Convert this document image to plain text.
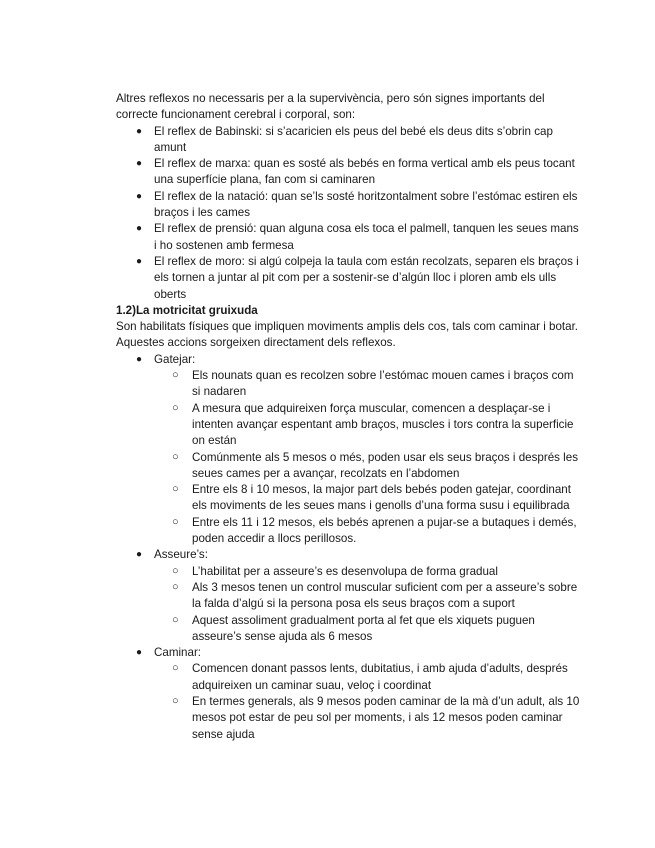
Altres reflexos no necessaris per a la supervivència, pero són signes importants del correcte funcionament cerebral i corporal, son:

● El reflex de Babinski: si s’acaricien els peus del bebé els deus dits s’obrin cap amunt
● El reflex de marxa: quan es sosté als bebés en forma vertical amb els peus tocant una superfície plana, fan com si caminaren
● El reflex de la natació: quan se’ls sosté horitzontalment sobre l’estómac estiren els braços i les cames
● El reflex de prensió: quan alguna cosa els toca el palmell, tanquen les seues mans i ho sostenen amb fermesa
● El reflex de moro: si algú colpeja la taula com están recolzats, separen els braços i els tornen a juntar al pit com per a sostenir-se d’algún lloc i ploren amb els ulls oberts

1.2)La motricitat gruixuda

Son habilitats físiques que impliquen moviments amplis dels cos, tals com caminar i botar. Aquestes accions sorgeixen directament dels reflexos.

● Gatejar:
○ Els nounats quan es recolzen sobre l’estómac mouen cames i braços com si nadaren
○ A mesura que adquireixen força muscular, comencen a desplaçar-se i intenten avançar espentant amb braços, muscles i tors contra la superficie on están
○ Comúnmente als 5 mesos o més, poden usar els seus braços i després les seues cames per a avançar, recolzats en l’abdomen
○ Entre els 8 i 10 mesos, la major part dels bebés poden gatejar, coordinant els moviments de les seues mans i genolls d’una forma susu i equilibrada
○ Entre els 11 i 12 mesos, els bebés aprenen a pujar-se a butaques i demés, poden accedir a llocs perillosos.
● Asseure’s:
○ L’habilitat per a asseure’s es desenvolupa de forma gradual
○ Als 3 mesos tenen un control muscular suficient com per a asseure’s sobre la falda d’algú si la persona posa els seus braços com a suport
○ Aquest assoliment gradualment porta al fet que els xiquets puguen asseure’s sense ajuda als 6 mesos
● Caminar:
○ Comencen donant passos lents, dubitatius, i amb ajuda d’adults, després adquireixen un caminar suau, veloç i coordinat
○ En termes generals, als 9 mesos poden caminar de la mà d’un adult, als 10 mesos pot estar de peu sol per moments, i als 12 mesos poden caminar sense ajuda
